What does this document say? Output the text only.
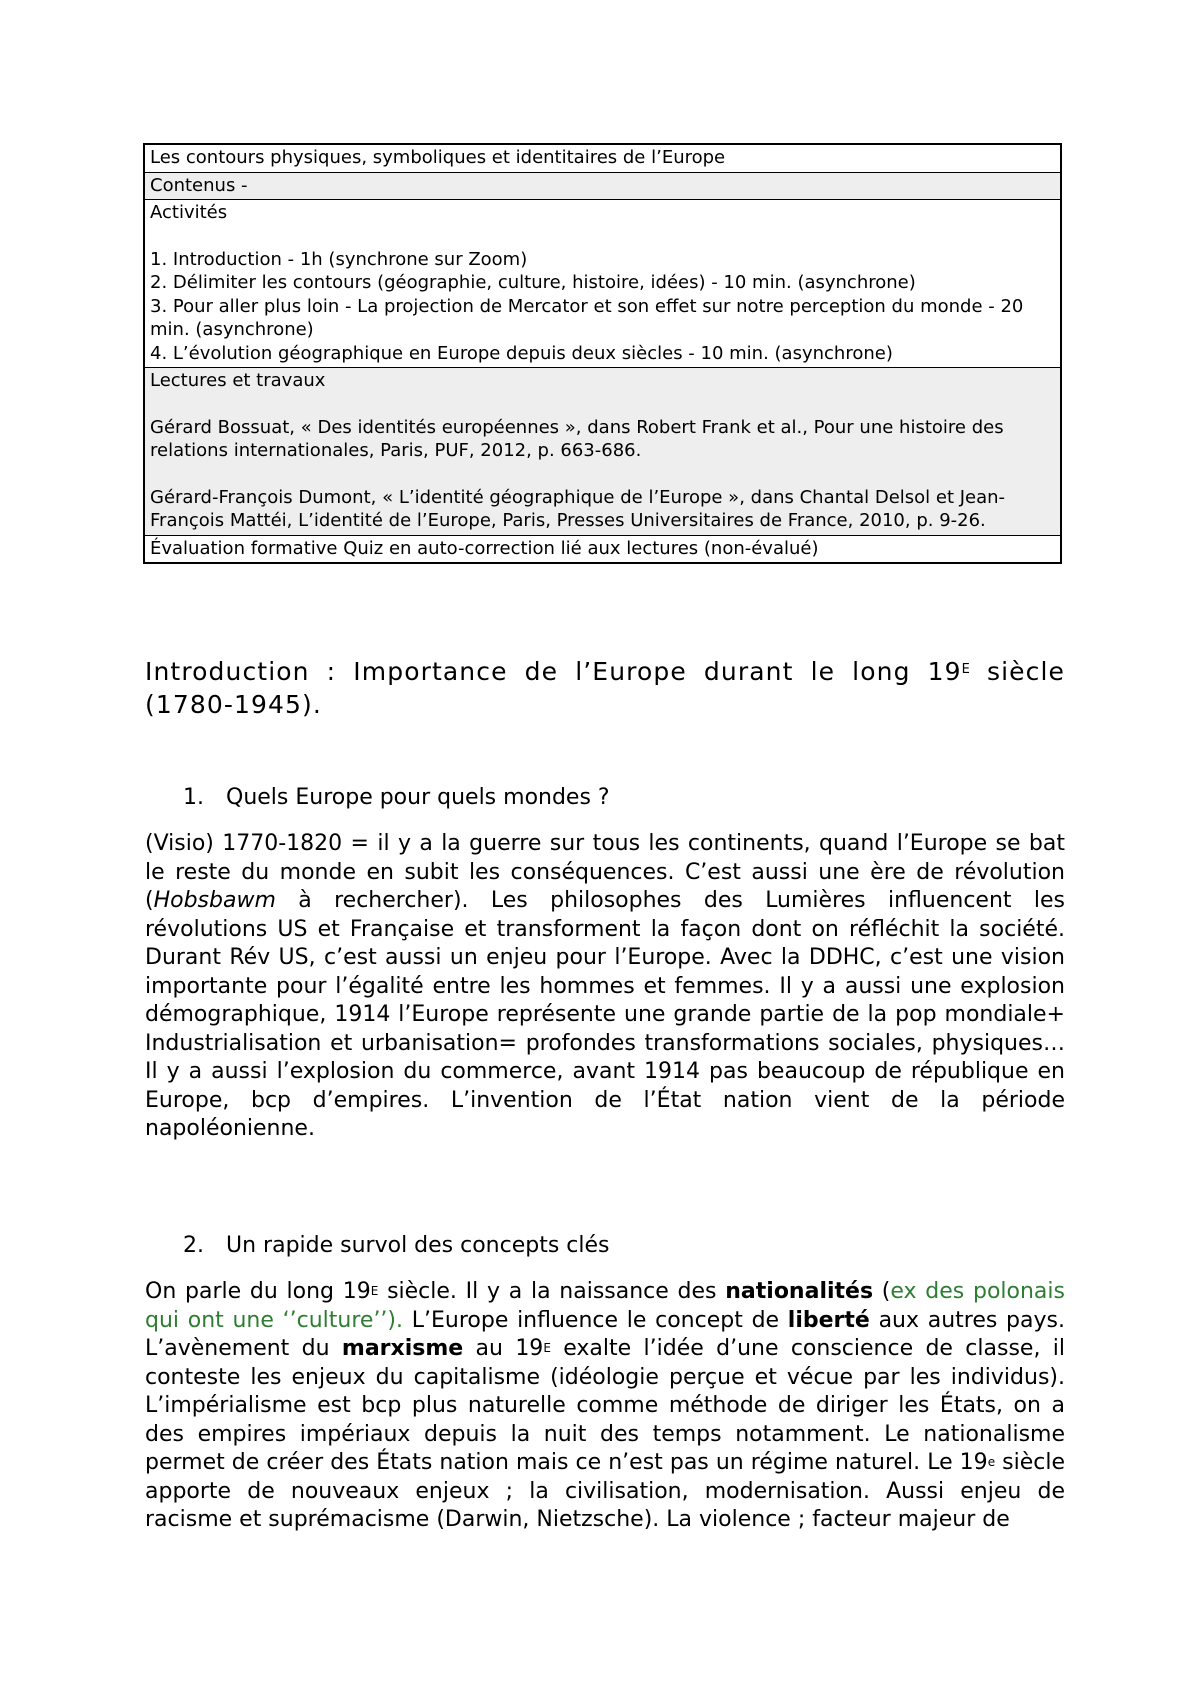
Les contours physiques, symboliques et identitaires de l’Europe

Contenus -

Activités

1. Introduction - 1h (synchrone sur Zoom)

2. Délimiter les contours (géographie, culture, histoire, idées) - 10 min. (asynchrone)

3. Pour aller plus loin - La projection de Mercator et son effet sur notre perception du monde - 20 min. (asynchrone)

4. L’évolution géographique en Europe depuis deux siècles - 10 min. (asynchrone)

Lectures et travaux

Gérard Bossuat, « Des identités européennes », dans Robert Frank et al., Pour une histoire des relations internationales, Paris, PUF, 2012, p. 663-686.

Gérard-François Dumont, « L’identité géographique de l’Europe », dans Chantal Delsol et Jean-François Mattéi, L’identité de l’Europe, Paris, Presses Universitaires de France, 2010, p. 9-26.

Évaluation formative Quiz en auto-correction lié aux lectures (non-évalué)

Introduction : Importance de l’Europe durant le long $19^E$ siècle (1780-1945).
1. Quels Europe pour quels mondes ?

(Visio) 1770-1820 = il y a la guerre sur tous les continents, quand l’Europe se bat le reste du monde en subit les conséquences. C’est aussi une ère de révolution (Hobsbawm à rechercher). Les philosophes des Lumières influencent les révolutions US et Française et transforment la façon dont on réfléchit la société. Durant Rév US, c’est aussi un enjeu pour l’Europe. Avec la DDHC, c’est une vision importante pour l’égalité entre les hommes et femmes. Il y a aussi une explosion démographique, 1914 l’Europe représente une grande partie de la pop mondiale+ Industrialisation et urbanisation= profondes transformations sociales, physiques… Il y a aussi l’explosion du commerce, avant 1914 pas beaucoup de république en Europe, bcp d’empires. L’invention de l’État nation vient de la période napoléonienne.

2. Un rapide survol des concepts clés

On parle du long $19^E$ siècle. Il y a la naissance des nationalités (ex des polonais qui ont une ‘’culture’’). L’Europe influence le concept de liberté aux autres pays. L’avènement du marxisme au $19^E$ exalte l’idée d’une conscience de classe, il conteste les enjeux du capitalisme (idéologie perçue et vécue par les individus). L’impérialisme est bcp plus naturelle comme méthode de diriger les États, on a des empires impériaux depuis la nuit des temps notamment. Le nationalisme permet de créer des États nation mais ce n’est pas un régime naturel. Le 19e siècle apporte de nouveaux enjeux ; la civilisation, modernisation. Aussi enjeu de racisme et suprémacisme (Darwin, Nietzsche). La violence ; facteur majeur de
